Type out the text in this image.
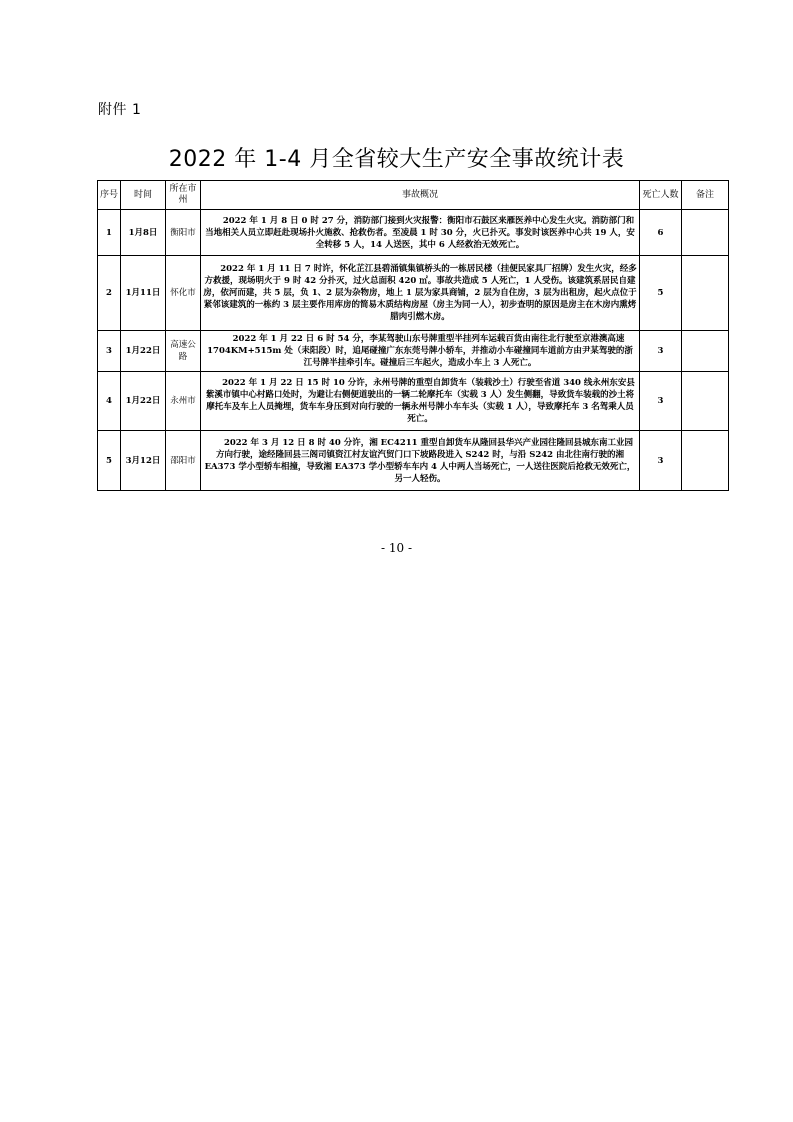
附件 1
2022 年 1-4 月全省较大生产安全事故统计表
序号	时间	所在市州	事故概况	死亡人数	备注
1	1月8日	衡阳市	2022 年 1 月 8 日 0 时 27 分，消防部门接到火灾报警：衡阳市石鼓区来雁医养中心发生火灾。消防部门和当地相关人员立即赶赴现场扑火施救、抢救伤者。至凌晨 1 时 30 分，火已扑灭。事发时该医养中心共 19 人，安全转移 5 人，14 人送医，其中 6 人经救治无效死亡。	6	
2	1月11日	怀化市	2022 年 1 月 11 日 7 时许，怀化芷江县碧涌镇集镇桥头的一栋居民楼（挂便民家具厂招牌）发生火灾，经多方救援，现场明火于 9 时 42 分扑灭，过火总面积 420 ㎡。事故共造成 5 人死亡，1 人受伤。该建筑系居民自建房，依河而建，共 5 层，负 1、2 层为杂物房，地上 1 层为家具商铺，2 层为自住房，3 层为出租房，起火点位于紧邻该建筑的一栋约 3 层主要作用库房的简易木质结构房屋（房主为同一人），初步查明的原因是房主在木房内熏烤腊肉引燃木房。	5	
3	1月22日	高速公路	2022 年 1 月 22 日 6 时 54 分，李某驾驶山东号牌重型半挂列车运载百货由南往北行驶至京港澳高速 1704KM+515m 处（耒阳段）时，追尾碰撞广东东莞号牌小轿车，并推动小车碰撞同车道前方由尹某驾驶的浙江号牌半挂牵引车。碰撞后三车起火，造成小车上 3 人死亡。	3	
4	1月22日	永州市	2022 年 1 月 22 日 15 时 10 分许，永州号牌的重型自卸货车（装载沙土）行驶至省道 340 线永州东安县紫溪市镇中心村路口处时，为避让右侧便道驶出的一辆二轮摩托车（实载 3 人）发生侧翻，导致货车装载的沙土将摩托车及车上人员掩埋，货车车身压到对向行驶的一辆永州号牌小车车头（实载 1 人），导致摩托车 3 名驾乘人员死亡。	3	
5	3月12日	邵阳市	2022 年 3 月 12 日 8 时 40 分许，湘 EC4211 重型自卸货车从隆回县华兴产业园往隆回县城东南工业园方向行驶，途经隆回县三阁司镇资江村友谊汽贸门口下坡路段进入 S242 时，与沿 S242 由北往南行驶的湘 EA373 学小型轿车相撞，导致湘 EA373 学小型轿车车内 4 人中两人当场死亡，一人送往医院后抢救无效死亡，另一人轻伤。	3	
- 10 -
